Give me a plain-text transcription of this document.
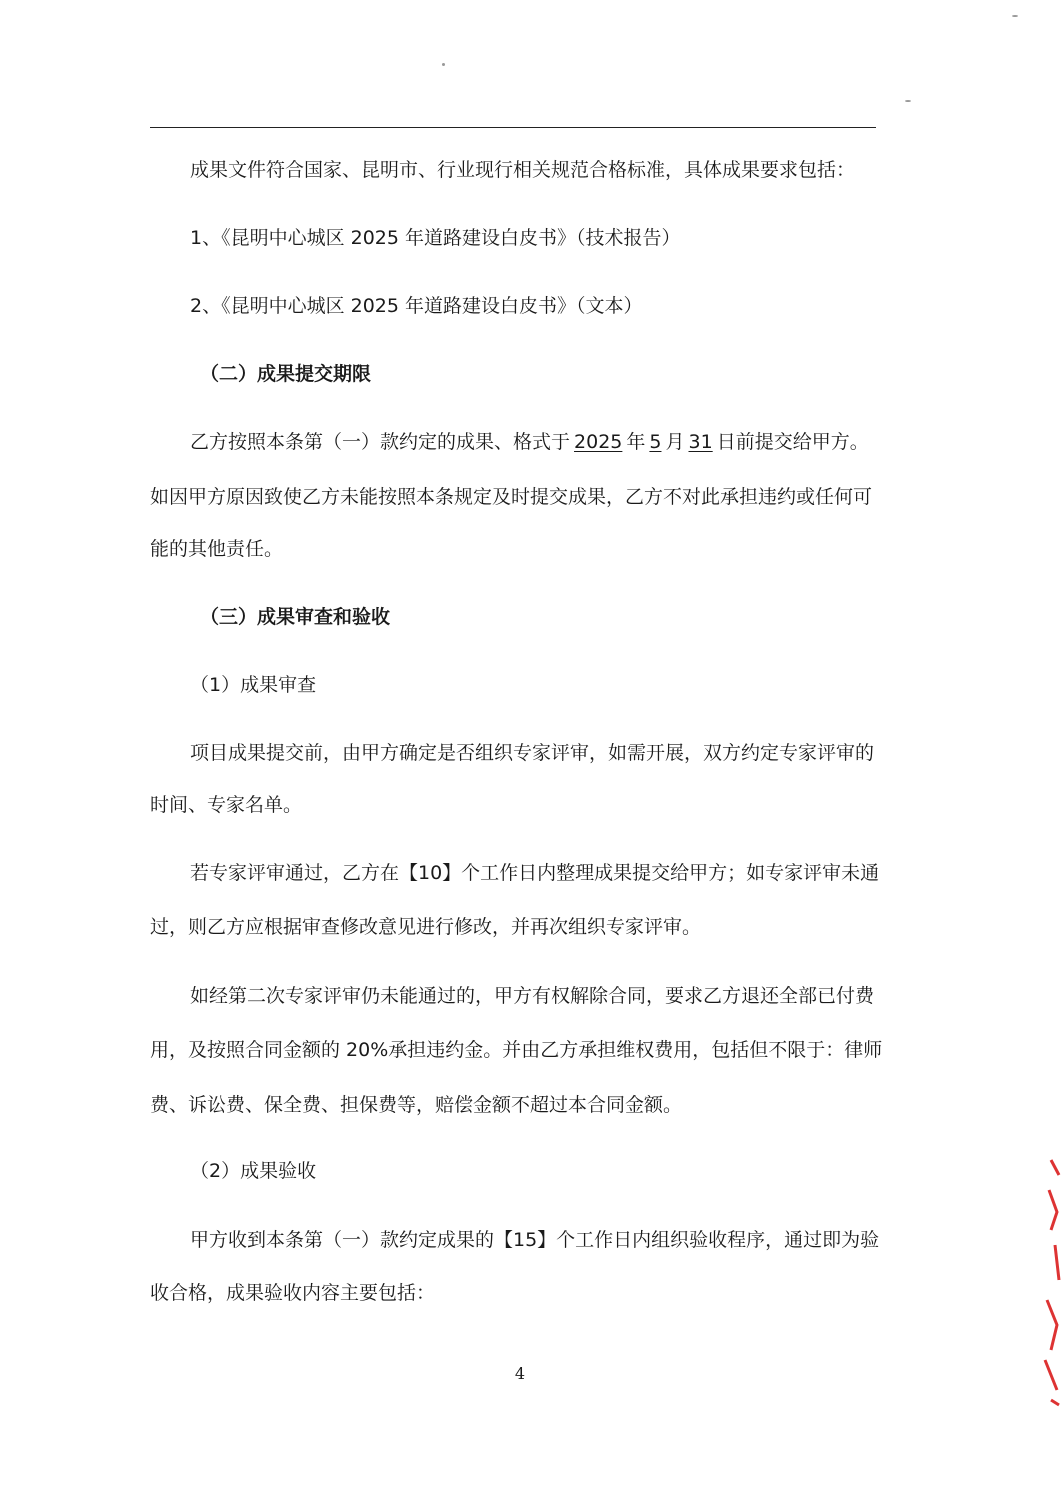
成果文件符合国家、昆明市、行业现行相关规范合格标准，具体成果要求包括：
1、《昆明中心城区 2025 年道路建设白皮书》（技术报告）
2、《昆明中心城区 2025 年道路建设白皮书》（文本）
（二）成果提交期限
乙方按照本条第（一）款约定的成果、格式于 2025 年 5 月 31 日前提交给甲方。
如因甲方原因致使乙方未能按照本条规定及时提交成果，乙方不对此承担违约或任何可
能的其他责任。
（三）成果审查和验收
（1）成果审查
项目成果提交前，由甲方确定是否组织专家评审，如需开展，双方约定专家评审的
时间、专家名单。
若专家评审通过，乙方在【10】个工作日内整理成果提交给甲方；如专家评审未通
过，则乙方应根据审查修改意见进行修改，并再次组织专家评审。
如经第二次专家评审仍未能通过的，甲方有权解除合同，要求乙方退还全部已付费
用，及按照合同金额的 20%承担违约金。并由乙方承担维权费用，包括但不限于：律师
费、诉讼费、保全费、担保费等，赔偿金额不超过本合同金额。
（2）成果验收
甲方收到本条第（一）款约定成果的【15】个工作日内组织验收程序，通过即为验
收合格，成果验收内容主要包括：
4
